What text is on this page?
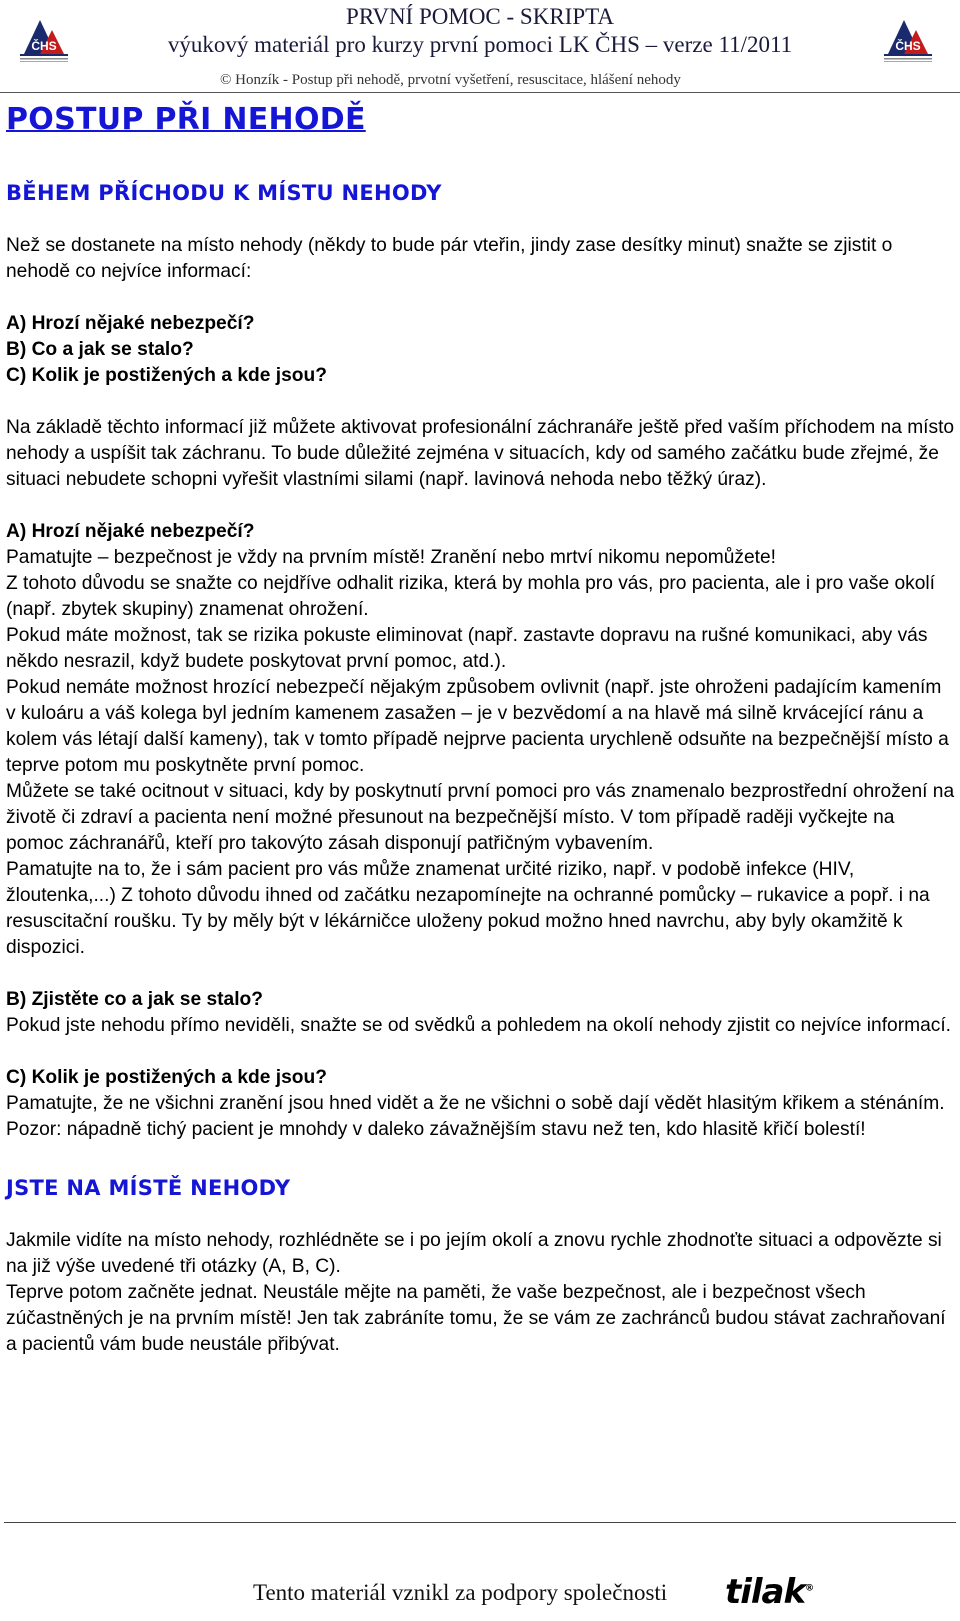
ČHS	ČHS
PRVNÍ POMOC - SKRIPTA
výukový materiál pro kurzy první pomoci LK ČHS – verze 11/2011
© Honzík - Postup při nehodě, prvotní vyšetření, resuscitace, hlášení nehody
POSTUP PŘI NEHODĚ
BĚHEM PŘÍCHODU K MÍSTU NEHODY

Než se dostanete na místo nehody (někdy to bude pár vteřin, jindy zase desítky minut) snažte se zjistit o nehodě co nejvíce informací:

A) Hrozí nějaké nebezpečí?

B) Co a jak se stalo?

C) Kolik je postižených a kde jsou?

Na základě těchto informací již můžete aktivovat profesionální záchranáře ještě před vaším příchodem na místo nehody a uspíšit tak záchranu. To bude důležité zejména v situacích, kdy od samého začátku bude zřejmé, že situaci nebudete schopni vyřešit vlastními silami (např. lavinová nehoda nebo těžký úraz).

A) Hrozí nějaké nebezpečí?

Pamatujte – bezpečnost je vždy na prvním místě! Zranění nebo mrtví nikomu nepomůžete!

Z tohoto důvodu se snažte co nejdříve odhalit rizika, která by mohla pro vás, pro pacienta, ale i pro vaše okolí (např. zbytek skupiny) znamenat ohrožení.

Pokud máte možnost, tak se rizika pokuste eliminovat (např. zastavte dopravu na rušné komunikaci, aby vás někdo nesrazil, když budete poskytovat první pomoc, atd.).

Pokud nemáte možnost hrozící nebezpečí nějakým způsobem ovlivnit (např. jste ohroženi padajícím kamením v kuloáru a váš kolega byl jedním kamenem zasažen – je v bezvědomí a na hlavě má silně krvácející ránu a kolem vás létají další kameny), tak v tomto případě nejprve pacienta urychleně odsuňte na bezpečnější místo a teprve potom mu poskytněte první pomoc.

Můžete se také ocitnout v situaci, kdy by poskytnutí první pomoci pro vás znamenalo bezprostřední ohrožení na životě či zdraví a pacienta není možné přesunout na bezpečnější místo. V tom případě raději vyčkejte na pomoc záchranářů, kteří pro takovýto zásah disponují patřičným vybavením.

Pamatujte na to, že i sám pacient pro vás může znamenat určité riziko, např. v podobě infekce (HIV, žloutenka,...) Z tohoto důvodu ihned od začátku nezapomínejte na ochranné pomůcky – rukavice a popř. i na resuscitační roušku. Ty by měly být v lékárničce uloženy pokud možno hned navrchu, aby byly okamžitě k dispozici.

B) Zjistěte co a jak se stalo?

Pokud jste nehodu přímo neviděli, snažte se od svědků a pohledem na okolí nehody zjistit co nejvíce informací.

C) Kolik je postižených a kde jsou?

Pamatujte, že ne všichni zranění jsou hned vidět a že ne všichni o sobě dají vědět hlasitým křikem a sténáním. Pozor: nápadně tichý pacient je mnohdy v daleko závažnějším stavu než ten, kdo hlasitě křičí bolestí!

JSTE NA MÍSTĚ NEHODY

Jakmile vidíte na místo nehody, rozhlédněte se i po jejím okolí a znovu rychle zhodnoťte situaci a odpovězte si na již výše uvedené tři otázky (A, B, C).

Teprve potom začněte jednat. Neustále mějte na paměti, že vaše bezpečnost, ale i bezpečnost všech zúčastněných je na prvním místě! Jen tak zabráníte tomu, že se vám ze zachránců budou stávat zachraňovaní a pacientů vám bude neustále přibývat.

Tento materiál vznikl za podpory společnosti tilak®
